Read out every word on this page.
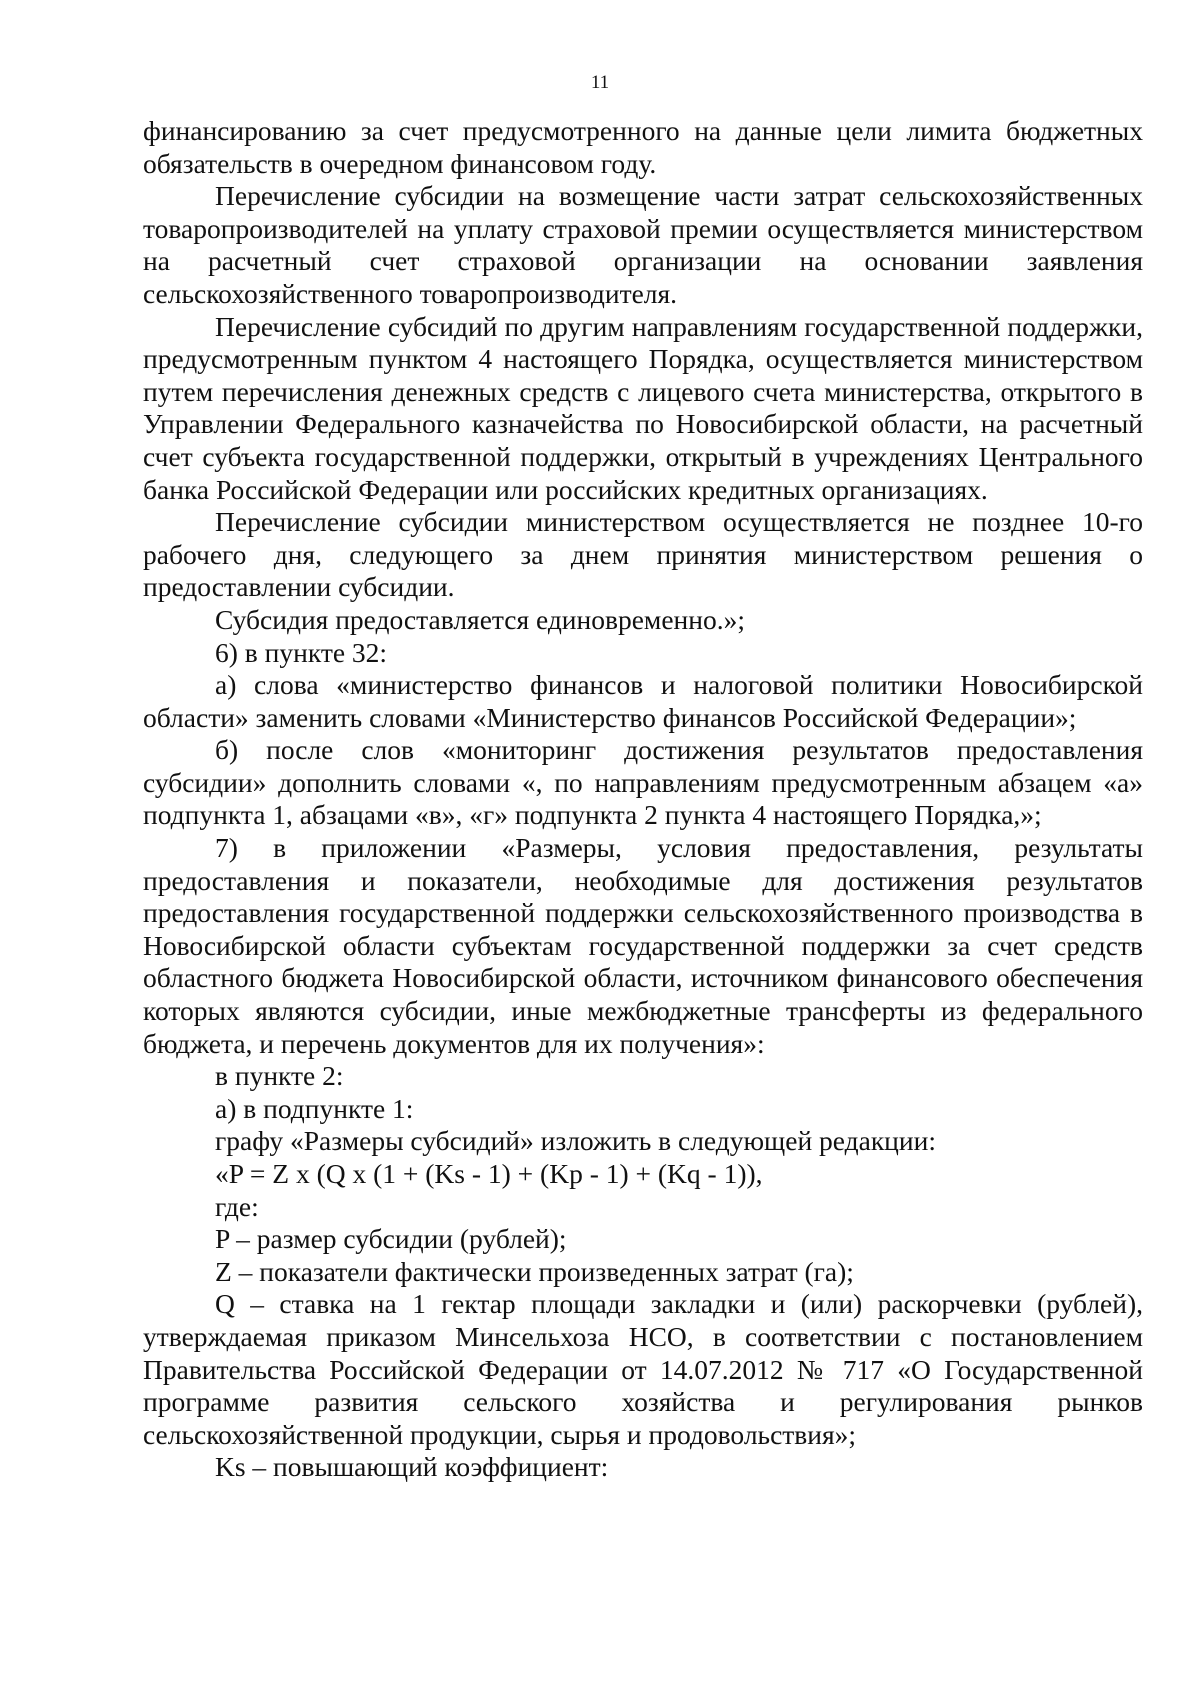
11

финансированию за счет предусмотренного на данные цели лимита бюджетных обязательств в очередном финансовом году.

Перечисление субсидии на возмещение части затрат сельскохозяйственных товаропроизводителей на уплату страховой премии осуществляется министерством на расчетный счет страховой организации на основании заявления сельскохозяйственного товаропроизводителя.

Перечисление субсидий по другим направлениям государственной поддержки, предусмотренным пунктом 4 настоящего Порядка, осуществляется министерством путем перечисления денежных средств с лицевого счета министерства, открытого в Управлении Федерального казначейства по Новосибирской области, на расчетный счет субъекта государственной поддержки, открытый в учреждениях Центрального банка Российской Федерации или российских кредитных организациях.

Перечисление субсидии министерством осуществляется не позднее 10-го рабочего дня, следующего за днем принятия министерством решения о предоставлении субсидии.

Субсидия предоставляется единовременно.»;

6) в пункте 32:

а) слова «министерство финансов и налоговой политики Новосибирской области» заменить словами «Министерство финансов Российской Федерации»;

б) после слов «мониторинг достижения результатов предоставления субсидии» дополнить словами «, по направлениям предусмотренным абзацем «а» подпункта 1, абзацами «в», «г» подпункта 2 пункта 4 настоящего Порядка,»;

7) в приложении «Размеры, условия предоставления, результаты предоставления и показатели, необходимые для достижения результатов предоставления государственной поддержки сельскохозяйственного производства в Новосибирской области субъектам государственной поддержки за счет средств областного бюджета Новосибирской области, источником финансового обеспечения которых являются субсидии, иные межбюджетные трансферты из федерального бюджета, и перечень документов для их получения»:

в пункте 2:

а) в подпункте 1:

графу «Размеры субсидий» изложить в следующей редакции:

«P = Z x (Q x (1 + (Ks - 1) + (Kp - 1) + (Kq - 1)),

где:

P – размер субсидии (рублей);

Z – показатели фактически произведенных затрат (га);

Q – ставка на 1 гектар площади закладки и (или) раскорчевки (рублей), утверждаемая приказом Минсельхоза НСО, в соответствии с постановлением Правительства Российской Федерации от 14.07.2012 № 717 «О Государственной программе развития сельского хозяйства и регулирования рынков сельскохозяйственной продукции, сырья и продовольствия»;

Ks – повышающий коэффициент:
